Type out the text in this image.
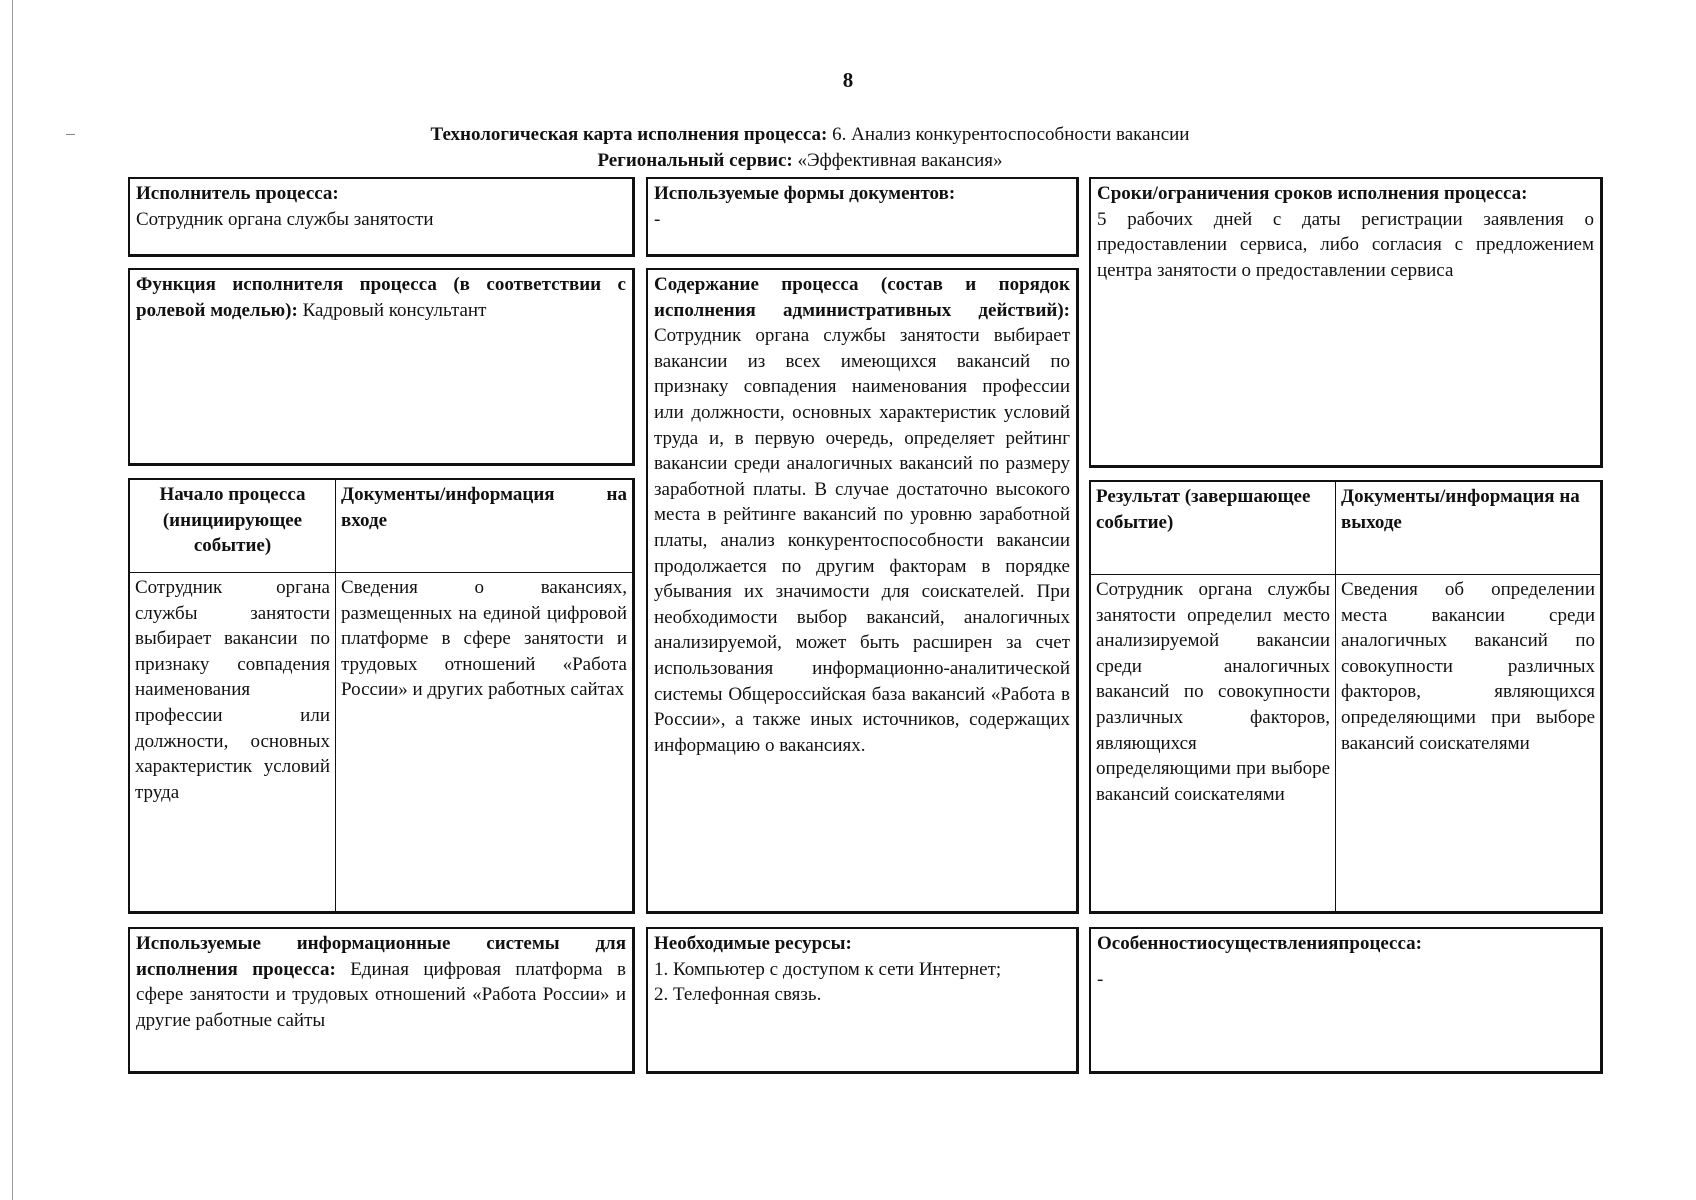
8
Технологическая карта исполнения процесса: 6. Анализ конкурентоспособности вакансии
Региональный сервис: «Эффективная вакансия»
Исполнитель процесса:
Сотрудник органа службы занятости
Используемые формы документов:
-
Сроки/ограничения сроков исполнения процесса:
5 рабочих дней с даты регистрации заявления о предоставлении сервиса, либо согласия с предложением центра занятости о предоставлении сервиса
Функция исполнителя процесса (в соответствии с ролевой моделью): Кадровый консультант
Содержание процесса (состав и порядок исполнения административных действий): Сотрудник органа службы занятости выбирает вакансии из всех имеющихся вакансий по признаку совпадения наименования профессии или должности, основных характеристик условий труда и, в первую очередь, определяет рейтинг вакансии среди аналогичных вакансий по размеру заработной платы. В случае достаточно высокого места в рейтинге вакансий по уровню заработной платы, анализ конкурентоспособности вакансии продолжается по другим факторам в порядке убывания их значимости для соискателей. При необходимости выбор вакансий, аналогичных анализируемой, может быть расширен за счет использования информационно-аналитической системы Общероссийская база вакансий «Работа в России», а также иных источников, содержащих информацию о вакансиях.
Начало процесса (инициирующее событие)
Документы/информация на входе
Сотрудник органа службы занятости выбирает вакансии по признаку совпадения наименования профессии или должности, основных характеристик условий труда
Сведения о вакансиях, размещенных на единой цифровой платформе в сфере занятости и трудовых отношений «Работа России» и других работных сайтах
Результат (завершающее событие)
Документы/информация на выходе
Сотрудник органа службы занятости определил место анализируемой вакансии среди аналогичных вакансий по совокупности различных факторов, являющихся определяющими при выборе вакансий соискателями
Сведения об определении места вакансии среди аналогичных вакансий по совокупности различных факторов, являющихся определяющими при выборе вакансий соискателями
Используемые информационные системы для исполнения процесса: Единая цифровая платформа в сфере занятости и трудовых отношений «Работа России» и другие работные сайты
Необходимые ресурсы:
1. Компьютер с доступом к сети Интернет;
2. Телефонная связь.
Особенностиосуществленияпроцесса:
-
